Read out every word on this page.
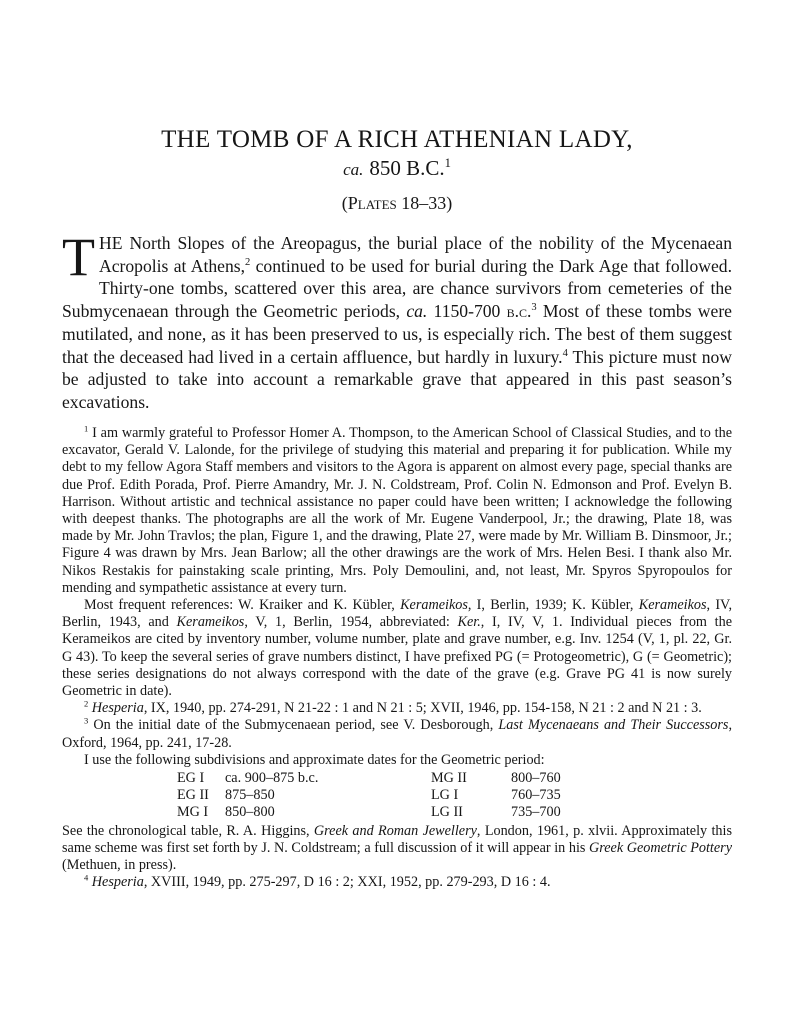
THE TOMB OF A RICH ATHENIAN LADY,
ca. 850 B.C.$^1$
(Plates 18–33)

THE North Slopes of the Areopagus, the burial place of the nobility of the Mycenaean Acropolis at Athens,$^2$ continued to be used for burial during the Dark Age that followed. Thirty-one tombs, scattered over this area, are chance survivors from cemeteries of the Submycenaean through the Geometric periods, ca. 1150-700 b.c.$^3$ Most of these tombs were mutilated, and none, as it has been preserved to us, is especially rich. The best of them suggest that the deceased had lived in a certain affluence, but hardly in luxury.$^4$ This picture must now be adjusted to take into account a remarkable grave that appeared in this past season’s excavations.

$^1$ I am warmly grateful to Professor Homer A. Thompson, to the American School of Classical Studies, and to the excavator, Gerald V. Lalonde, for the privilege of studying this material and preparing it for publication. While my debt to my fellow Agora Staff members and visitors to the Agora is apparent on almost every page, special thanks are due Prof. Edith Porada, Prof. Pierre Amandry, Mr. J. N. Coldstream, Prof. Colin N. Edmonson and Prof. Evelyn B. Harrison. Without artistic and technical assistance no paper could have been written; I acknowledge the following with deepest thanks. The photographs are all the work of Mr. Eugene Vanderpool, Jr.; the drawing, Plate 18, was made by Mr. John Travlos; the plan, Figure 1, and the drawing, Plate 27, were made by Mr. William B. Dinsmoor, Jr.; Figure 4 was drawn by Mrs. Jean Barlow; all the other drawings are the work of Mrs. Helen Besi. I thank also Mr. Nikos Restakis for painstaking scale printing, Mrs. Poly Demoulini, and, not least, Mr. Spyros Spyropoulos for mending and sympathetic assistance at every turn.

Most frequent references: W. Kraiker and K. Kübler, Kerameikos, I, Berlin, 1939; K. Kübler, Kerameikos, IV, Berlin, 1943, and Kerameikos, V, 1, Berlin, 1954, abbreviated: Ker., I, IV, V, 1. Individual pieces from the Kerameikos are cited by inventory number, volume number, plate and grave number, e.g. Inv. 1254 (V, 1, pl. 22, Gr. G 43). To keep the several series of grave numbers distinct, I have prefixed PG (= Protogeometric), G (= Geometric); these series designations do not always correspond with the date of the grave (e.g. Grave PG 41 is now surely Geometric in date).

$^2$ Hesperia, IX, 1940, pp. 274-291, N 21-22 : 1 and N 21 : 5; XVII, 1946, pp. 154-158, N 21 : 2 and N 21 : 3.

$^3$ On the initial date of the Submycenaean period, see V. Desborough, Last Mycenaeans and Their Successors, Oxford, 1964, pp. 241, 17-28.

I use the following subdivisions and approximate dates for the Geometric period:

EG I	ca. 900–875 b.c.	MG II	800–760
EG II	875–850	LG I	760–735
MG I	850–800	LG II	735–700

See the chronological table, R. A. Higgins, Greek and Roman Jewellery, London, 1961, p. xlvii. Approximately this same scheme was first set forth by J. N. Coldstream; a full discussion of it will appear in his Greek Geometric Pottery (Methuen, in press).

$^4$ Hesperia, XVIII, 1949, pp. 275-297, D 16 : 2; XXI, 1952, pp. 279-293, D 16 : 4.
